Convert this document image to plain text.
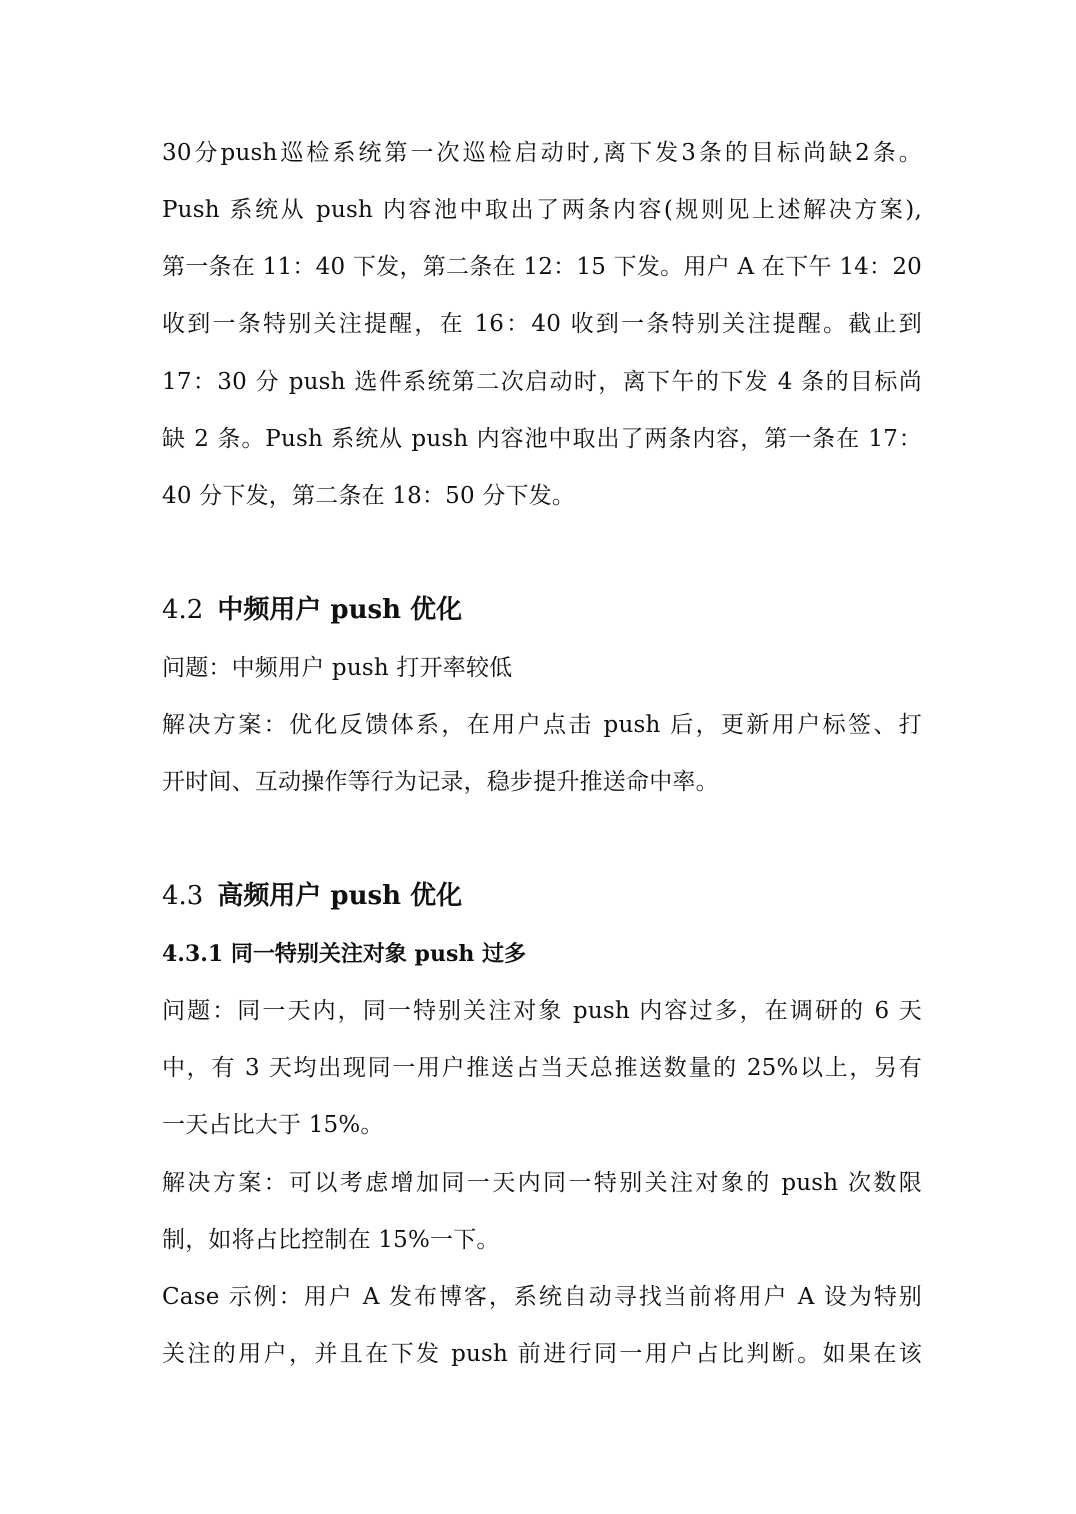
30分push巡检系统第一次巡检启动时,离下发3条的目标尚缺2条。
Push 系统从 push 内容池中取出了两条内容(规则见上述解决方案),
第一条在 11：40 下发，第二条在 12：15 下发。用户 A 在下午 14：20
收到一条特别关注提醒，在 16：40 收到一条特别关注提醒。截止到
17：30 分 push 选件系统第二次启动时，离下午的下发 4 条的目标尚
缺 2 条。Push 系统从 push 内容池中取出了两条内容，第一条在 17：
40 分下发，第二条在 18：50 分下发。
4.2 中频用户 push 优化
问题：中频用户 push 打开率较低
解决方案：优化反馈体系，在用户点击 push 后，更新用户标签、打
开时间、互动操作等行为记录，稳步提升推送命中率。
4.3 高频用户 push 优化
4.3.1 同一特别关注对象 push 过多
问题：同一天内，同一特别关注对象 push 内容过多，在调研的 6 天
中，有 3 天均出现同一用户推送占当天总推送数量的 25%以上，另有
一天占比大于 15%。
解决方案：可以考虑增加同一天内同一特别关注对象的 push 次数限
制，如将占比控制在 15%一下。
Case 示例：用户 A 发布博客，系统自动寻找当前将用户 A 设为特别
关注的用户，并且在下发 push 前进行同一用户占比判断。如果在该
